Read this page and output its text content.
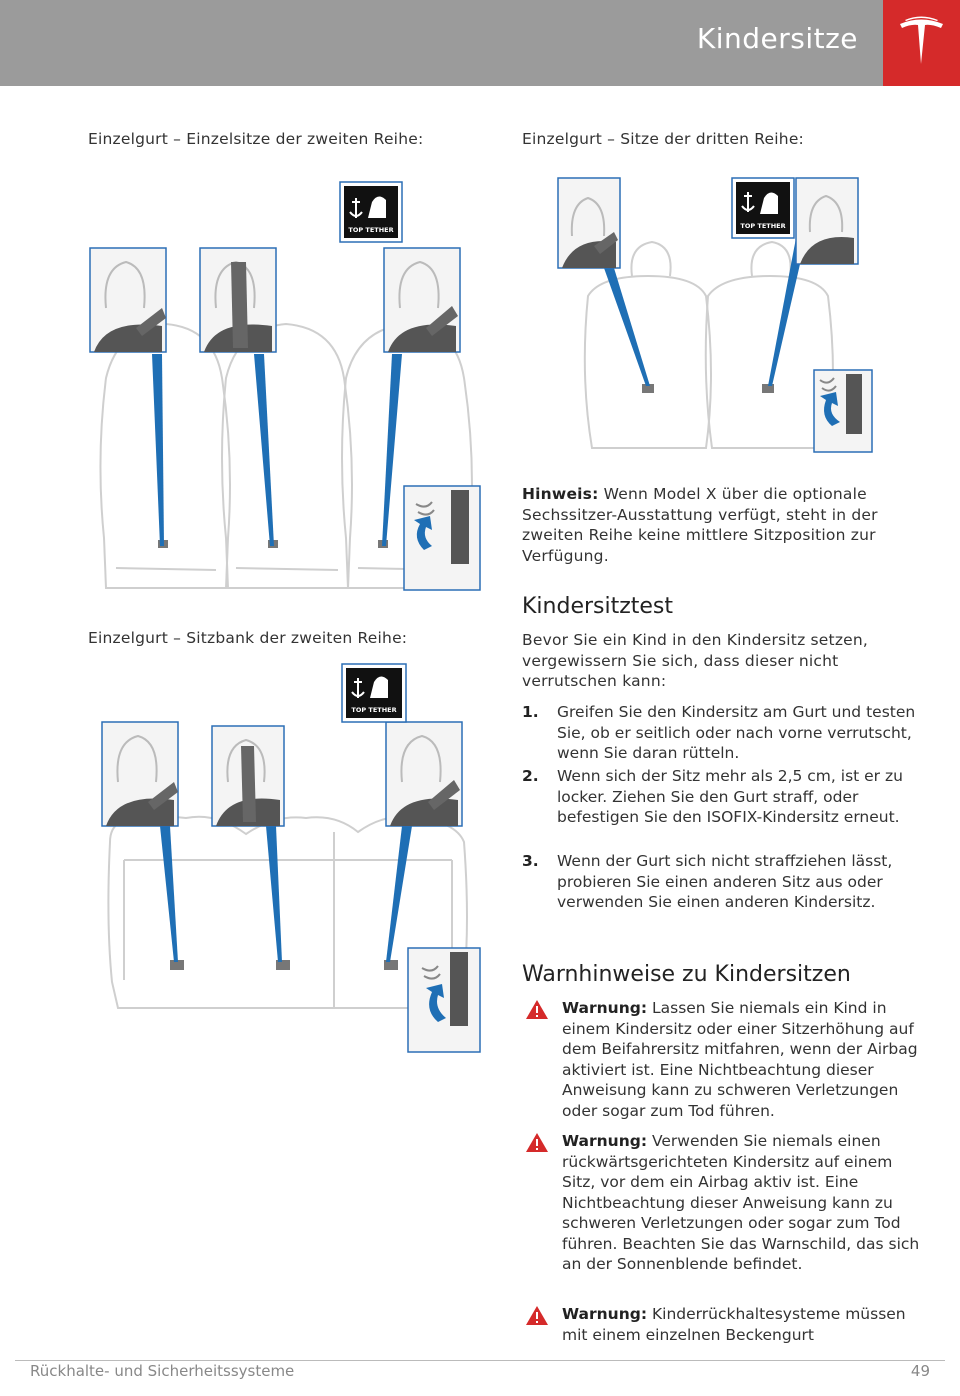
Kindersitze
Einzelgurt – Einzelsitze der zweiten Reihe:
TOP TETHER
Einzelgurt – Sitzbank der zweiten Reihe:
TOP TETHER
Einzelgurt – Sitze der dritten Reihe:
TOP TETHER
Hinweis: Wenn Model X über die optionale Sechssitzer-Ausstattung verfügt, steht in der zweiten Reihe keine mittlere Sitzposition zur Verfügung.
Kindersitztest
Bevor Sie ein Kind in den Kindersitz setzen, vergewissern Sie sich, dass dieser nicht verrutschen kann:
1. Greifen Sie den Kindersitz am Gurt und testen Sie, ob er seitlich oder nach vorne verrutscht, wenn Sie daran rütteln.
2. Wenn sich der Sitz mehr als 2,5 cm, ist er zu locker. Ziehen Sie den Gurt straff, oder befestigen Sie den ISOFIX-Kindersitz erneut.
3. Wenn der Gurt sich nicht straffziehen lässt, probieren Sie einen anderen Sitz aus oder verwenden Sie einen anderen Kindersitz.
Warnhinweise zu Kindersitzen
Warnung: Lassen Sie niemals ein Kind in einem Kindersitz oder einer Sitzerhöhung auf dem Beifahrersitz mitfahren, wenn der Airbag aktiviert ist. Eine Nichtbeachtung dieser Anweisung kann zu schweren Verletzungen oder sogar zum Tod führen.
Warnung: Verwenden Sie niemals einen rückwärtsgerichteten Kindersitz auf einem Sitz, vor dem ein Airbag aktiv ist. Eine Nichtbeachtung dieser Anweisung kann zu schweren Verletzungen oder sogar zum Tod führen. Beachten Sie das Warnschild, das sich an der Sonnenblende befindet.
Warnung: Kinderrückhaltesysteme müssen mit einem einzelnen Beckengurt
Rückhalte- und Sicherheitssysteme	49
